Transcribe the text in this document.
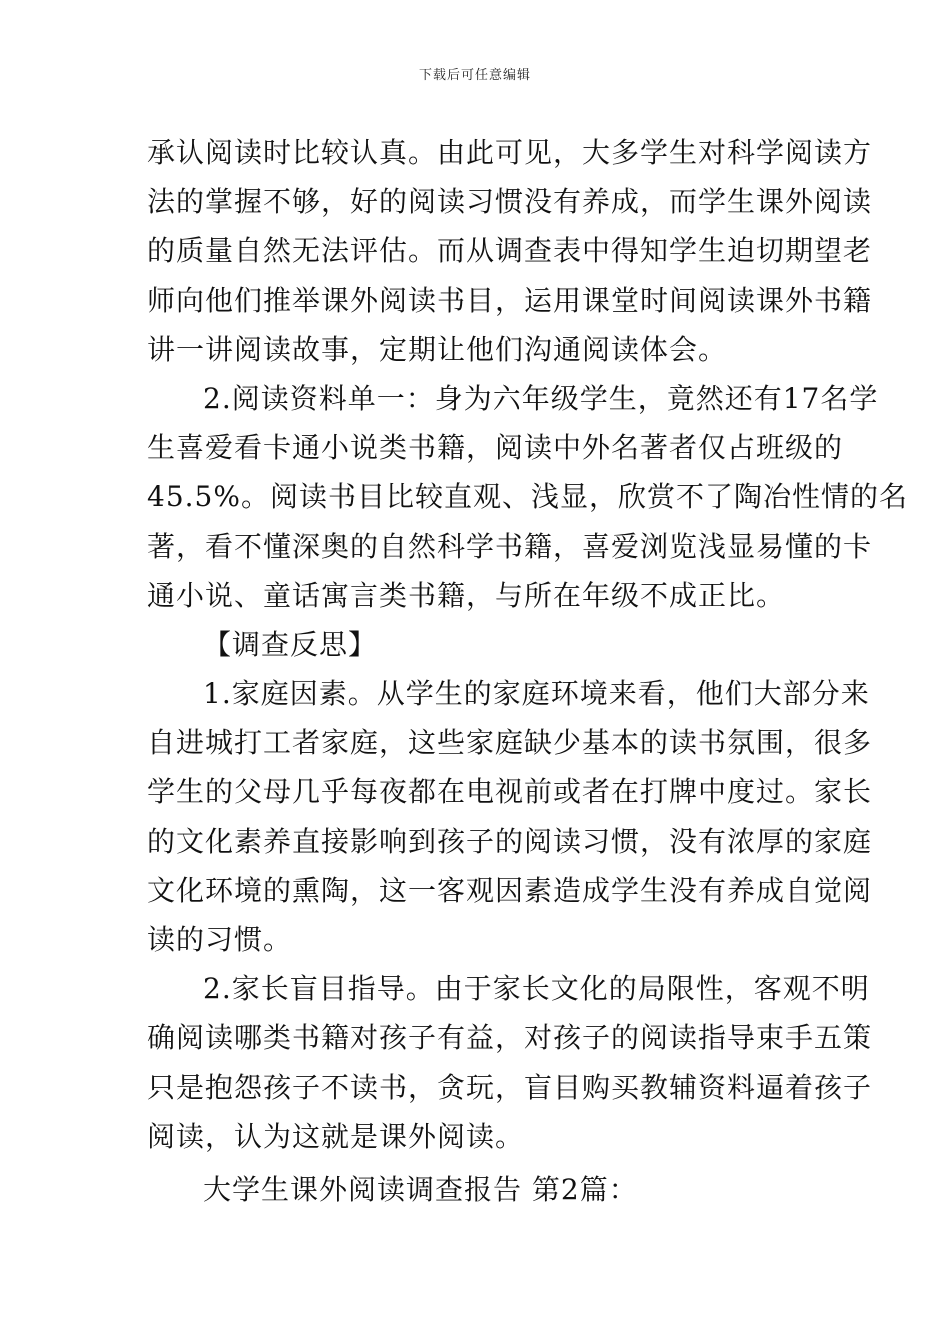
下载后可任意编辑
承认阅读时比较认真。由此可见，大多学生对科学阅读方
法的掌握不够，好的阅读习惯没有养成，而学生课外阅读
的质量自然无法评估。而从调查表中得知学生迫切期望老
师向他们推举课外阅读书目，运用课堂时间阅读课外书籍
讲一讲阅读故事，定期让他们沟通阅读体会。
2.阅读资料单一：身为六年级学生，竟然还有17名学
生喜爱看卡通小说类书籍，阅读中外名著者仅占班级的
45.5%。阅读书目比较直观、浅显，欣赏不了陶冶性情的名
著，看不懂深奥的自然科学书籍，喜爱浏览浅显易懂的卡
通小说、童话寓言类书籍，与所在年级不成正比。
【调查反思】
1.家庭因素。从学生的家庭环境来看，他们大部分来
自进城打工者家庭，这些家庭缺少基本的读书氛围，很多
学生的父母几乎每夜都在电视前或者在打牌中度过。家长
的文化素养直接影响到孩子的阅读习惯，没有浓厚的家庭
文化环境的熏陶，这一客观因素造成学生没有养成自觉阅
读的习惯。
2.家长盲目指导。由于家长文化的局限性，客观不明
确阅读哪类书籍对孩子有益，对孩子的阅读指导束手五策
只是抱怨孩子不读书，贪玩，盲目购买教辅资料逼着孩子
阅读，认为这就是课外阅读。
大学生课外阅读调查报告 第2篇：
